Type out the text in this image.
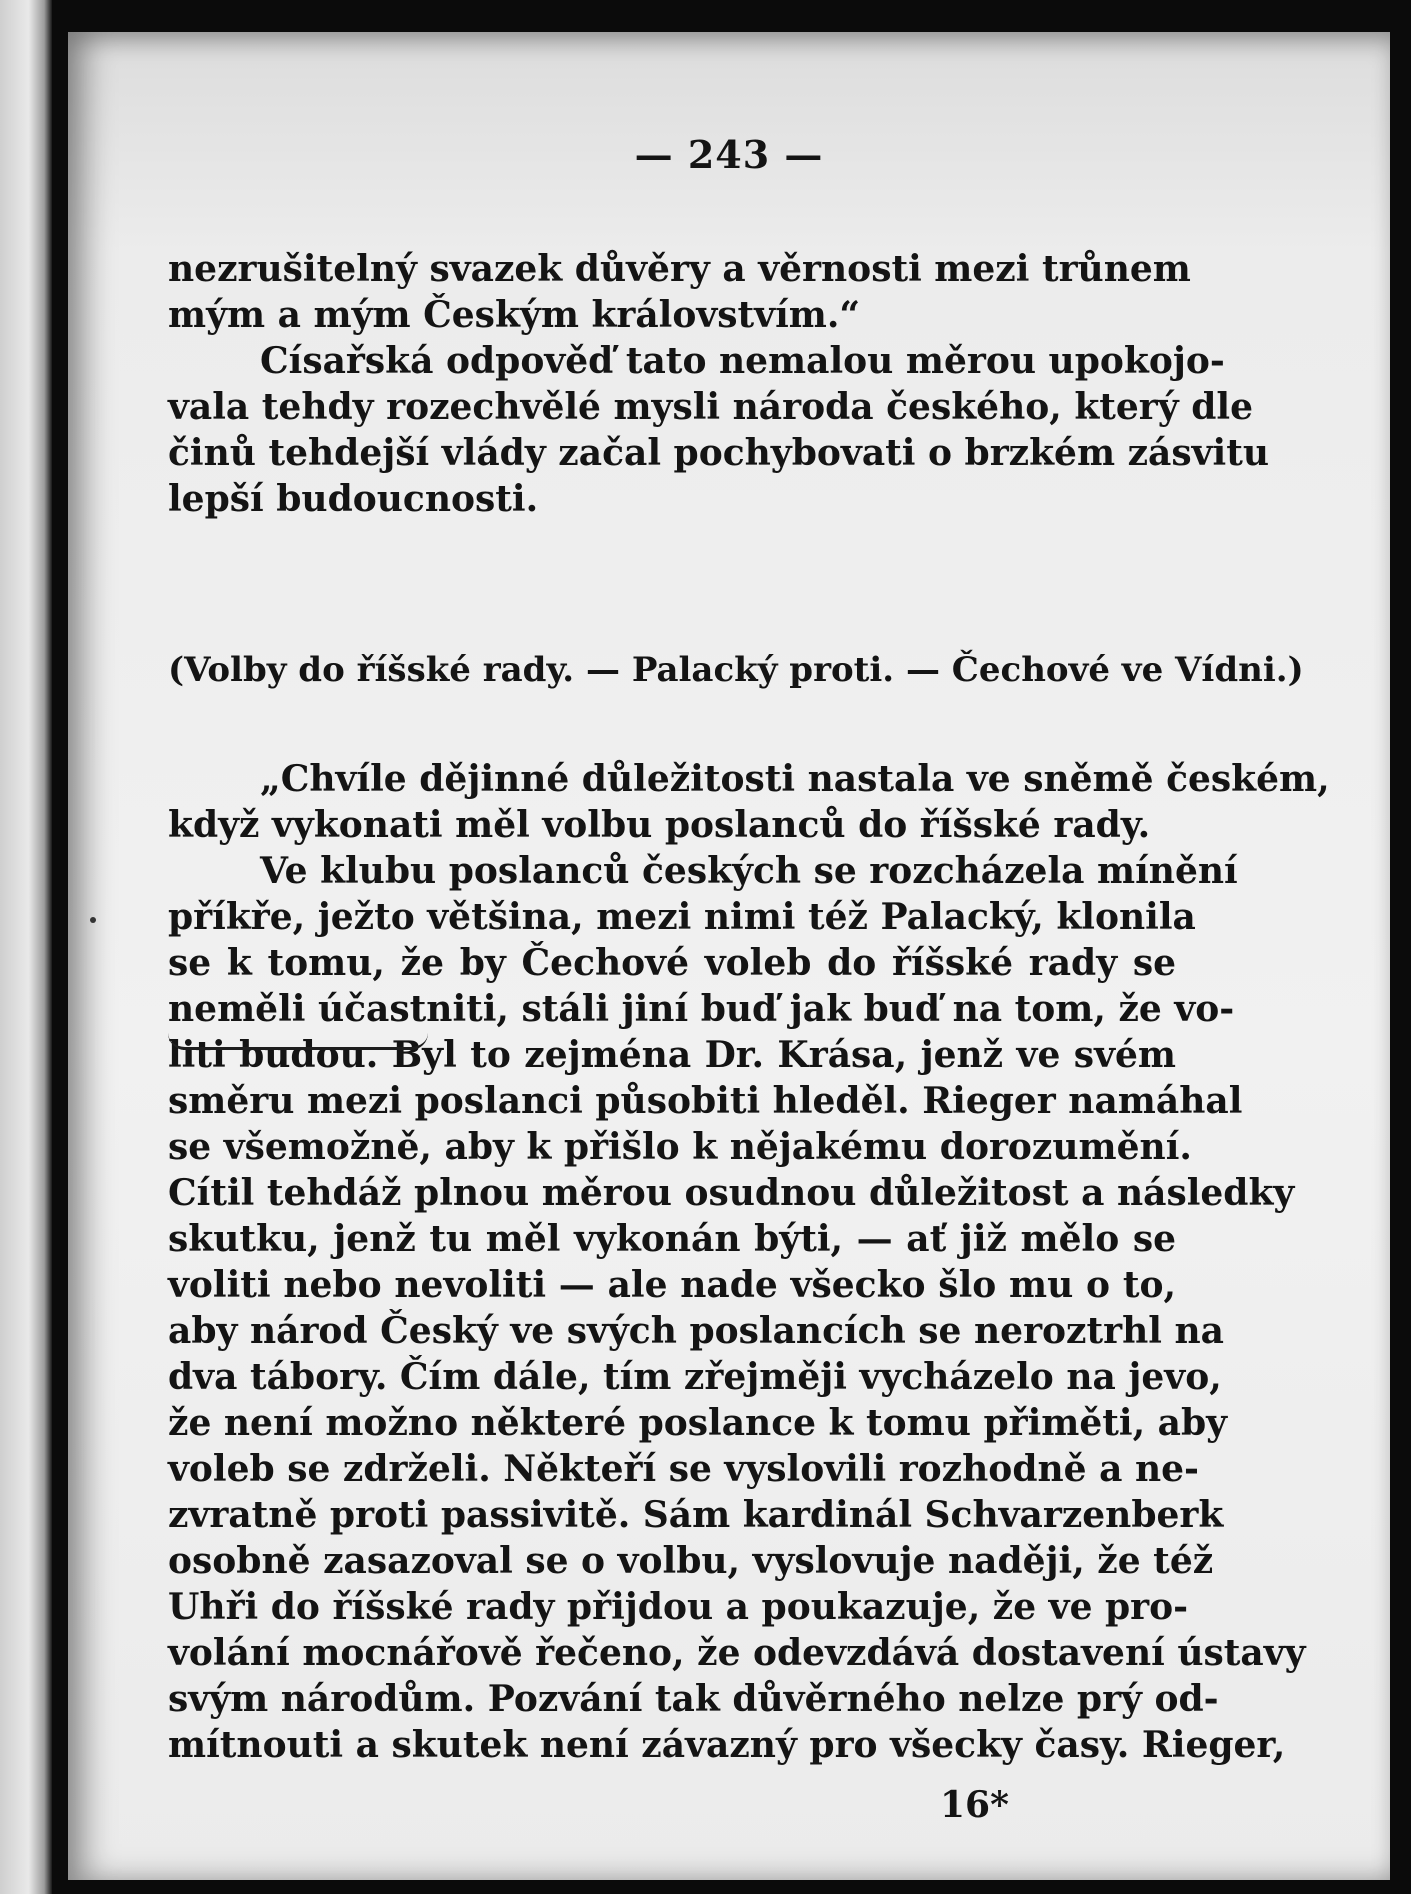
— 243 —
nezrušitelný svazek důvěry a věrnosti mezi trůnem
mým a mým Českým královstvím.“
Císařská odpověď tato nemalou měrou upokojo-
vala tehdy rozechvělé mysli národa českého, který dle
činů tehdejší vlády začal pochybovati o brzkém zásvitu
lepší budoucnosti.
(Volby do říšské rady. — Palacký proti. — Čechové ve Vídni.)
„Chvíle dějinné důležitosti nastala ve sněmě českém,
když vykonati měl volbu poslanců do říšské rady.
Ve klubu poslanců českých se rozcházela mínění
příkře, ježto většina, mezi nimi též Palacký, klonila
se k tomu, že by Čechové voleb do říšské rady se
neměli účastniti, stáli jiní buď jak buď na tom, že vo-
liti budou. Byl to zejména Dr. Krása, jenž ve svém
směru mezi poslanci působiti hleděl. Rieger namáhal
se všemožně, aby k přišlo k nějakému dorozumění.
Cítil tehdáž plnou měrou osudnou důležitost a následky
skutku, jenž tu měl vykonán býti, — ať již mělo se
voliti nebo nevoliti — ale nade všecko šlo mu o to,
aby národ Český ve svých poslancích se neroztrhl na
dva tábory. Čím dále, tím zřejměji vycházelo na jevo,
že není možno některé poslance k tomu přiměti, aby
voleb se zdrželi. Někteří se vyslovili rozhodně a ne-
zvratně proti passivitě. Sám kardinál Schvarzenberk
osobně zasazoval se o volbu, vyslovuje naději, že též
Uhři do říšské rady přijdou a poukazuje, že ve pro-
volání mocnářově řečeno, že odevzdává dostavení ústavy
svým národům. Pozvání tak důvěrného nelze prý od-
mítnouti a skutek není závazný pro všecky časy. Rieger,
16*
